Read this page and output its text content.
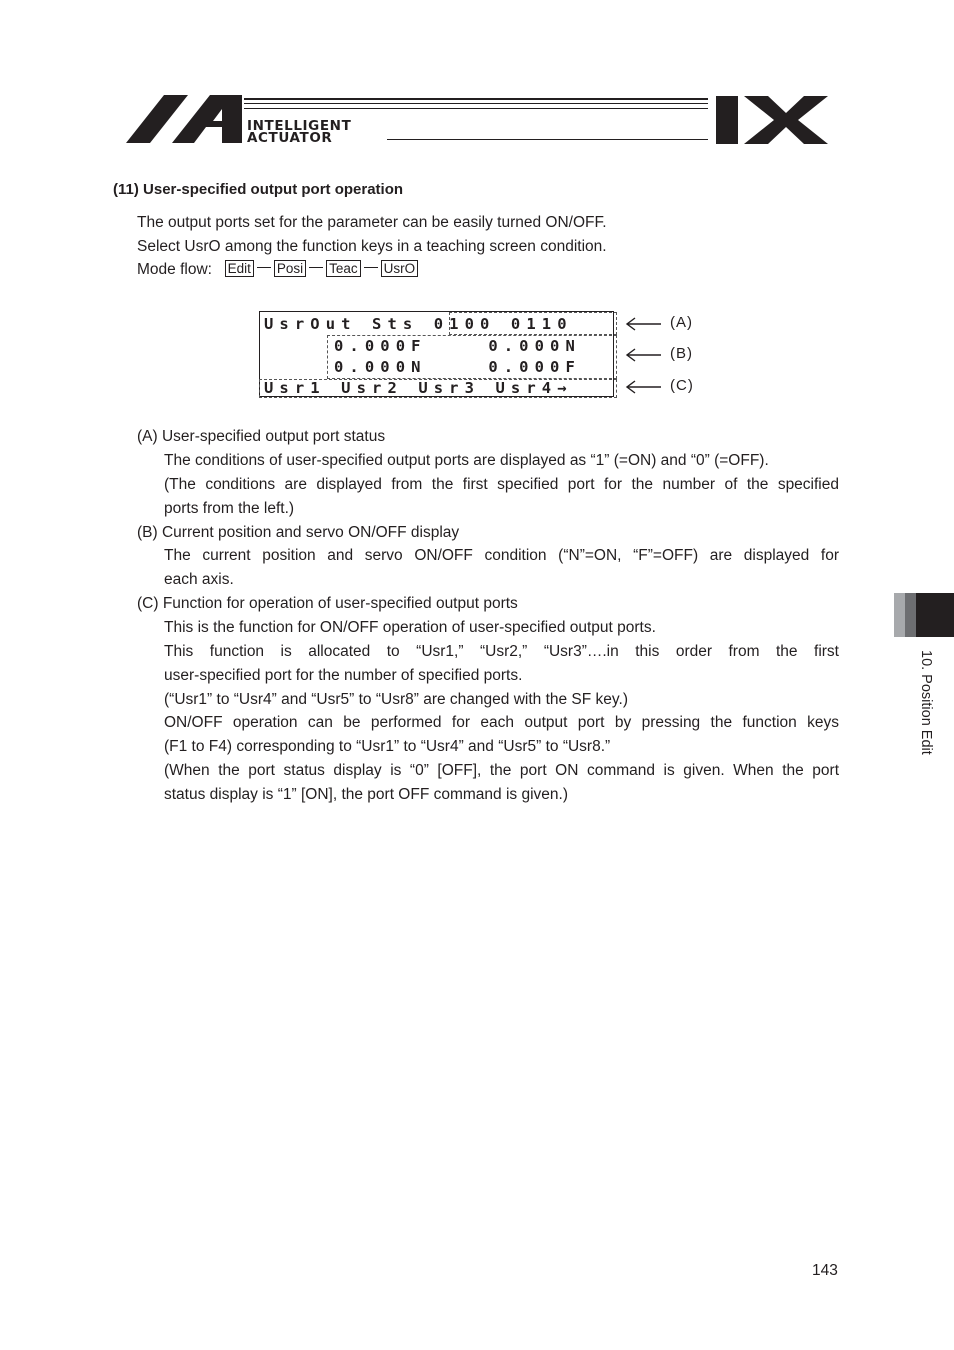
INTELLIGENT
ACTUATOR
(11) User-specified output port operation
The output ports set for the parameter can be easily turned ON/OFF.
Select UsrO among the function keys in a teaching screen condition.
Mode flow: Edit Posi Teac UsrO
UsrOut Sts 0100 0110
0.000F    0.000N
0.000N    0.000F
Usr1 Usr2 Usr3 Usr4→
(A)
(B)
(C)
(A) User-specified output port status
The conditions of user-specified output ports are displayed as “1” (=ON) and “0” (=OFF).
(The conditions are displayed from the first specified port for the number of the specified
ports from the left.)
(B) Current position and servo ON/OFF display
The current position and servo ON/OFF condition (“N”=ON, “F”=OFF) are displayed for
each axis.
(C) Function for operation of user-specified output ports
This is the function for ON/OFF operation of user-specified output ports.
This function is allocated to “Usr1,” “Usr2,” “Usr3”….in this order from the first
user-specified port for the number of specified ports.
(“Usr1” to “Usr4” and “Usr5” to “Usr8” are changed with the SF key.)
ON/OFF operation can be performed for each output port by pressing the function keys
(F1 to F4) corresponding to “Usr1” to “Usr4” and “Usr5” to “Usr8.”
(When the port status display is “0” [OFF], the port ON command is given. When the port
status display is “1” [ON], the port OFF command is given.)
10. Position Edit
143
